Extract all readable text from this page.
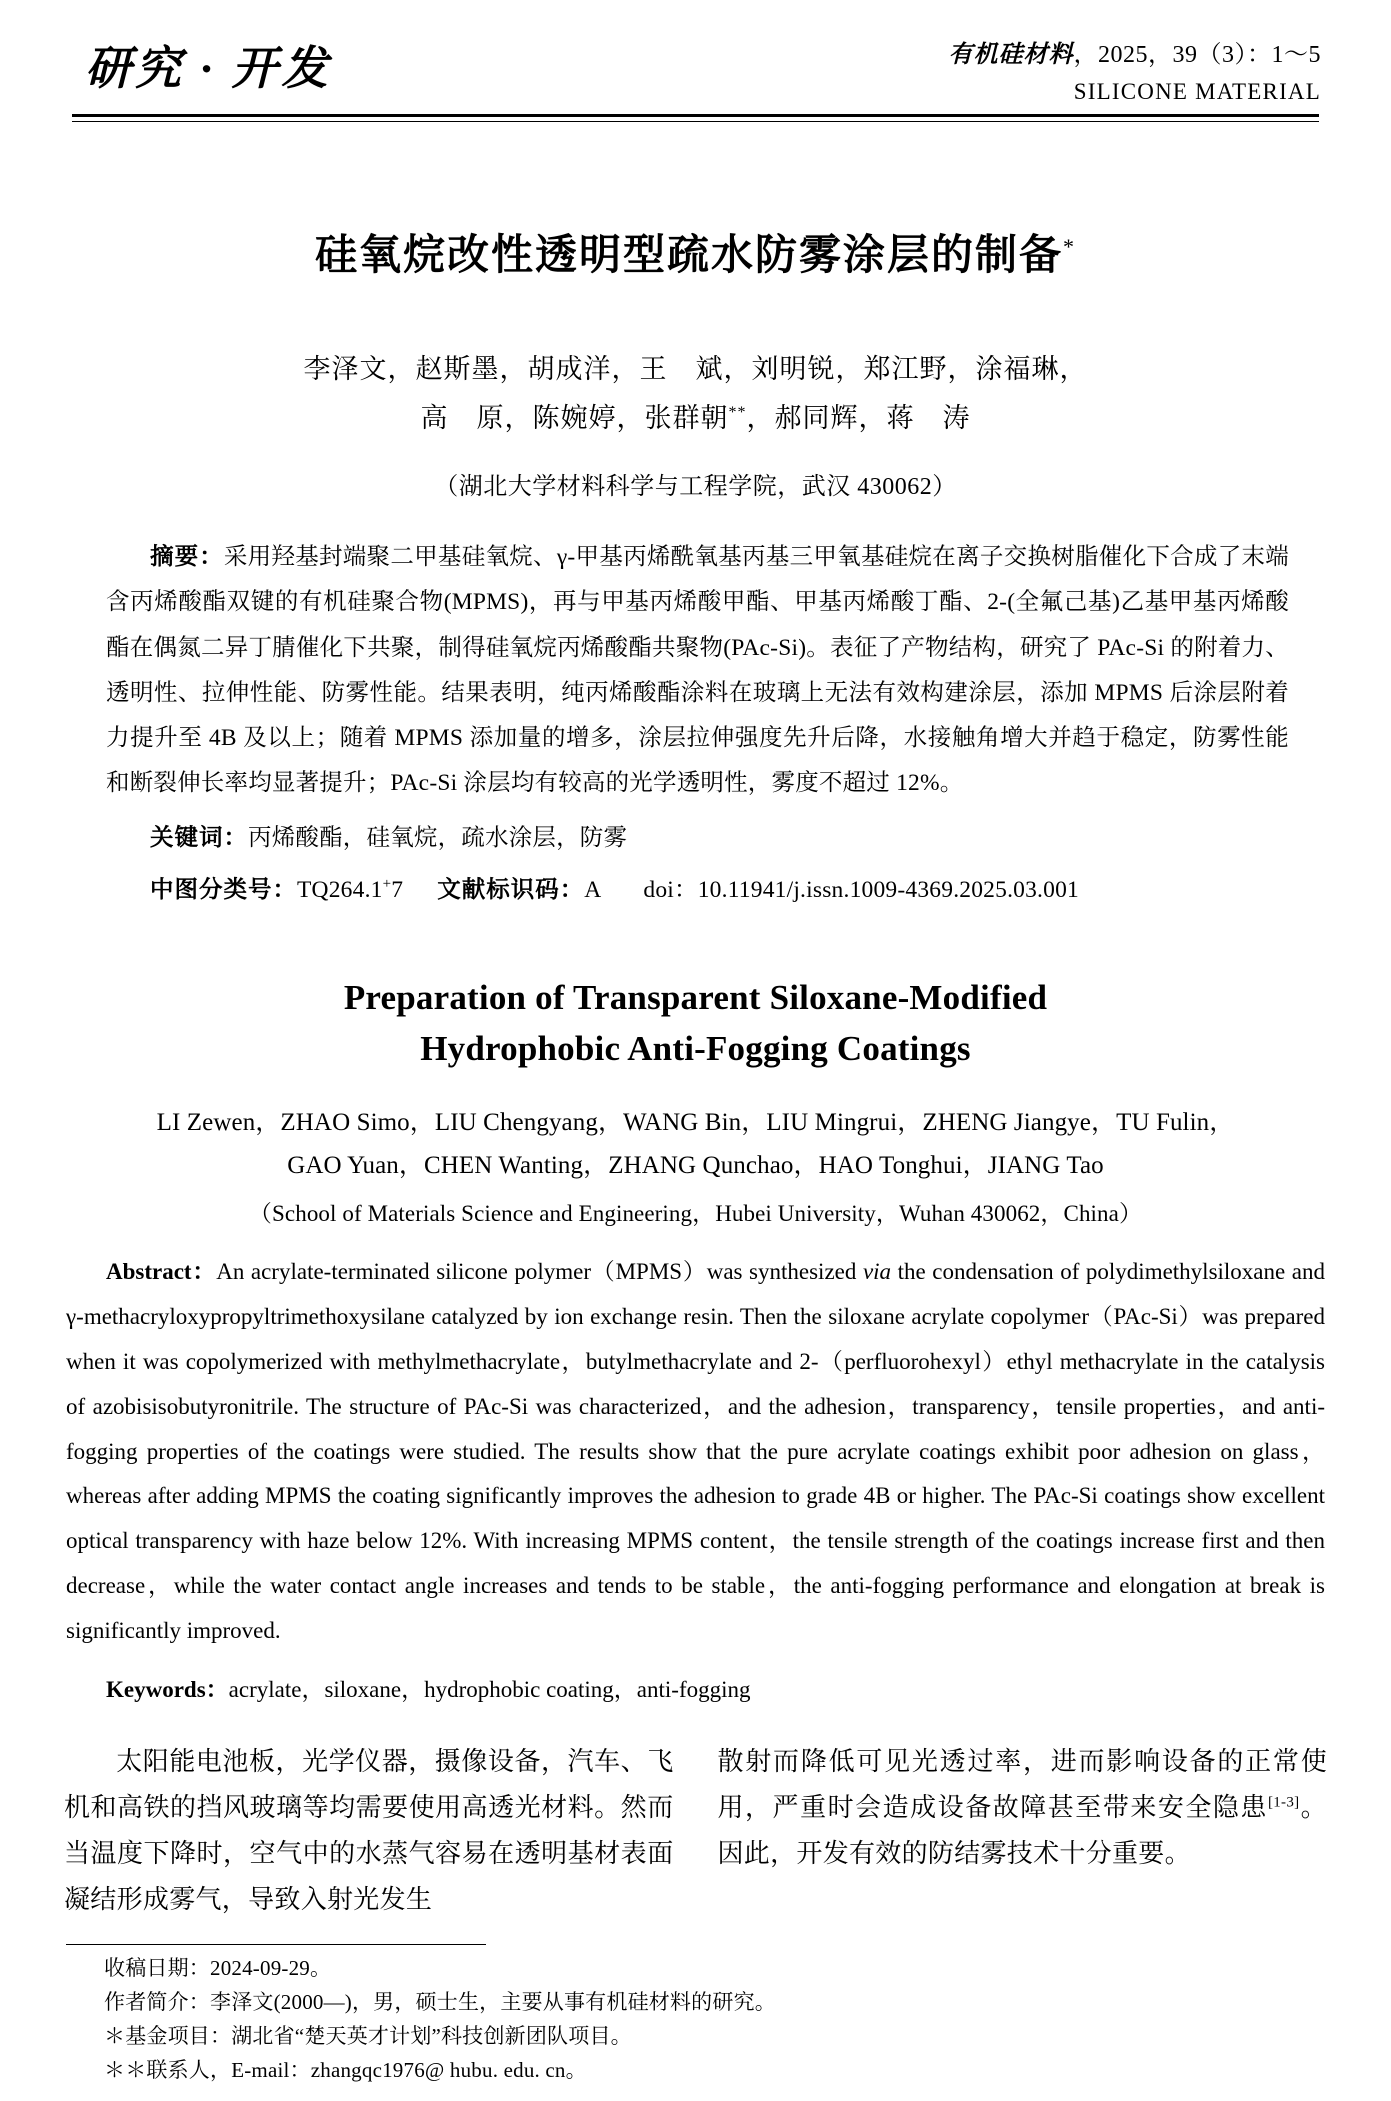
研究 · 开发	有机硅材料，2025，39（3）：1～5
SILICONE MATERIAL
硅氧烷改性透明型疏水防雾涂层的制备*
李泽文，赵斯墨，胡成洋，王　斌，刘明锐，郑江野，涂福琳，
高　原，陈婉婷，张群朝**，郝同辉，蒋　涛
（湖北大学材料科学与工程学院，武汉 430062）
摘要：采用羟基封端聚二甲基硅氧烷、γ-甲基丙烯酰氧基丙基三甲氧基硅烷在离子交换树脂催化下合成了末端含丙烯酸酯双键的有机硅聚合物(MPMS)，再与甲基丙烯酸甲酯、甲基丙烯酸丁酯、2-(全氟己基)乙基甲基丙烯酸酯在偶氮二异丁腈催化下共聚，制得硅氧烷丙烯酸酯共聚物(PAc-Si)。表征了产物结构，研究了 PAc-Si 的附着力、透明性、拉伸性能、防雾性能。结果表明，纯丙烯酸酯涂料在玻璃上无法有效构建涂层，添加 MPMS 后涂层附着力提升至 4B 及以上；随着 MPMS 添加量的增多，涂层拉伸强度先升后降，水接触角增大并趋于稳定，防雾性能和断裂伸长率均显著提升；PAc-Si 涂层均有较高的光学透明性，雾度不超过 12%。
关键词：丙烯酸酯，硅氧烷，疏水涂层，防雾
中图分类号：TQ264.1+7 文献标识码：A doi：10.11941/j.issn.1009-4369.2025.03.001
Preparation of Transparent Siloxane-Modified
Hydrophobic Anti-Fogging Coatings
LI Zewen，ZHAO Simo，LIU Chengyang，WANG Bin，LIU Mingrui，ZHENG Jiangye，TU Fulin，
GAO Yuan，CHEN Wanting，ZHANG Qunchao，HAO Tonghui，JIANG Tao
（School of Materials Science and Engineering，Hubei University，Wuhan 430062，China）
Abstract：An acrylate-terminated silicone polymer（MPMS）was synthesized via the condensation of polydimethylsiloxane and γ-methacryloxypropyltrimethoxysilane catalyzed by ion exchange resin. Then the siloxane acrylate copolymer（PAc-Si）was prepared when it was copolymerized with methylmethacrylate，butylmethacrylate and 2-（perfluorohexyl）ethyl methacrylate in the catalysis of azobisisobutyronitrile. The structure of PAc-Si was characterized，and the adhesion，transparency，tensile properties，and anti-fogging properties of the coatings were studied. The results show that the pure acrylate coatings exhibit poor adhesion on glass，whereas after adding MPMS the coating significantly improves the adhesion to grade 4B or higher. The PAc-Si coatings show excellent optical transparency with haze below 12%. With increasing MPMS content，the tensile strength of the coatings increase first and then decrease，while the water contact angle increases and tends to be stable，the anti-fogging performance and elongation at break is significantly improved.
Keywords：acrylate，siloxane，hydrophobic coating，anti-fogging
太阳能电池板，光学仪器，摄像设备，汽车、飞机和高铁的挡风玻璃等均需要使用高透光材料。然而当温度下降时，空气中的水蒸气容易在透明基材表面凝结形成雾气，导致入射光发生
散射而降低可见光透过率，进而影响设备的正常使用，严重时会造成设备故障甚至带来安全隐患[1-3]。因此，开发有效的防结雾技术十分重要。
收稿日期：2024-09-29。
作者简介：李泽文(2000—)，男，硕士生，主要从事有机硅材料的研究。
＊基金项目：湖北省“楚天英才计划”科技创新团队项目。
＊＊联系人，E-mail：zhangqc1976@ hubu. edu. cn。
